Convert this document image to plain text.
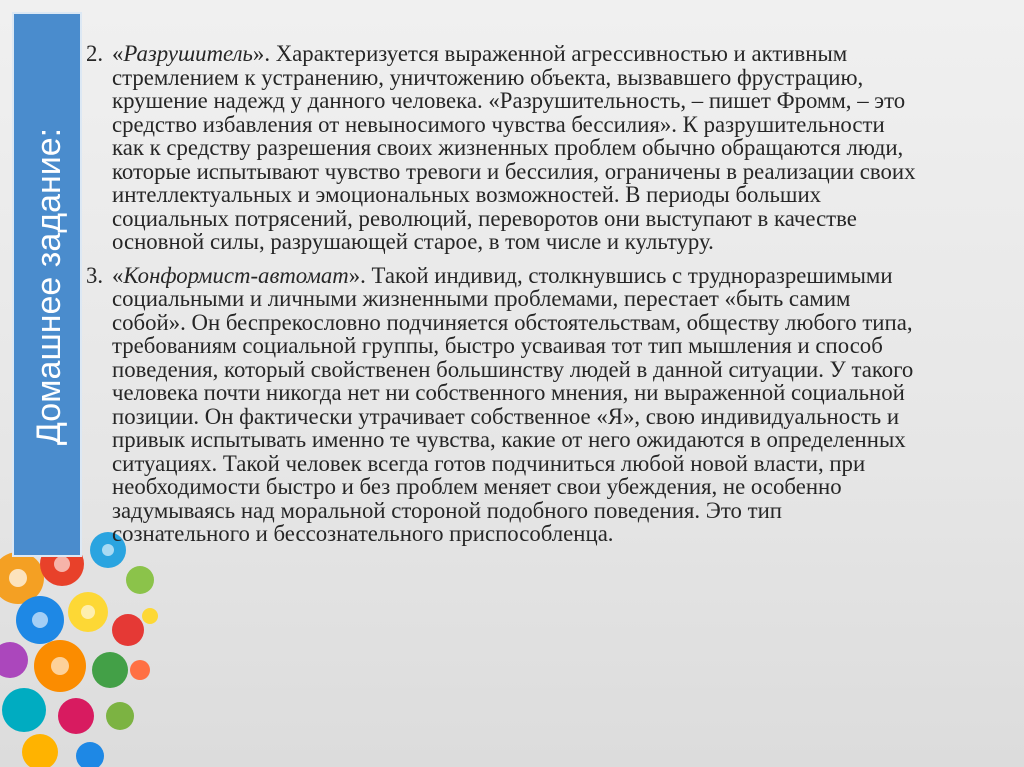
Домашнее задание:

2. «Разрушитель». Характеризуется выраженной агрессивностью и активным стремлением к устранению, уничтожению объекта, вызвавшего фрустрацию, крушение надежд у данного человека. «Разрушительность, – пишет Фромм, – это средство избавления от невыносимого чувства бессилия». К разрушительности как к средству разрешения своих жизненных проблем обычно обращаются люди, которые испытывают чувство тревоги и бессилия, ограничены в реализации своих интеллектуальных и эмоциональных возможностей. В периоды больших социальных потрясений, революций, переворотов они выступают в качестве основной силы, разрушающей старое, в том числе и культуру.

3. «Конформист-автомат». Такой индивид, столкнувшись с трудноразрешимыми социальными и личными жизненными проблемами, перестает «быть самим собой». Он беспрекословно подчиняется обстоятельствам, обществу любого типа, требованиям социальной группы, быстро усваивая тот тип мышления и способ поведения, который свойственен большинству людей в данной ситуации. У такого человека почти никогда нет ни собственного мнения, ни выраженной социальной позиции. Он фактически утрачивает собственное «Я», свою индивидуальность и привык испытывать именно те чувства, какие от него ожидаются в определенных ситуациях. Такой человек всегда готов подчиниться любой новой власти, при необходимости быстро и без проблем меняет свои убеждения, не особенно задумываясь над моральной стороной подобного поведения. Это тип сознательного и бессознательного приспособленца.
